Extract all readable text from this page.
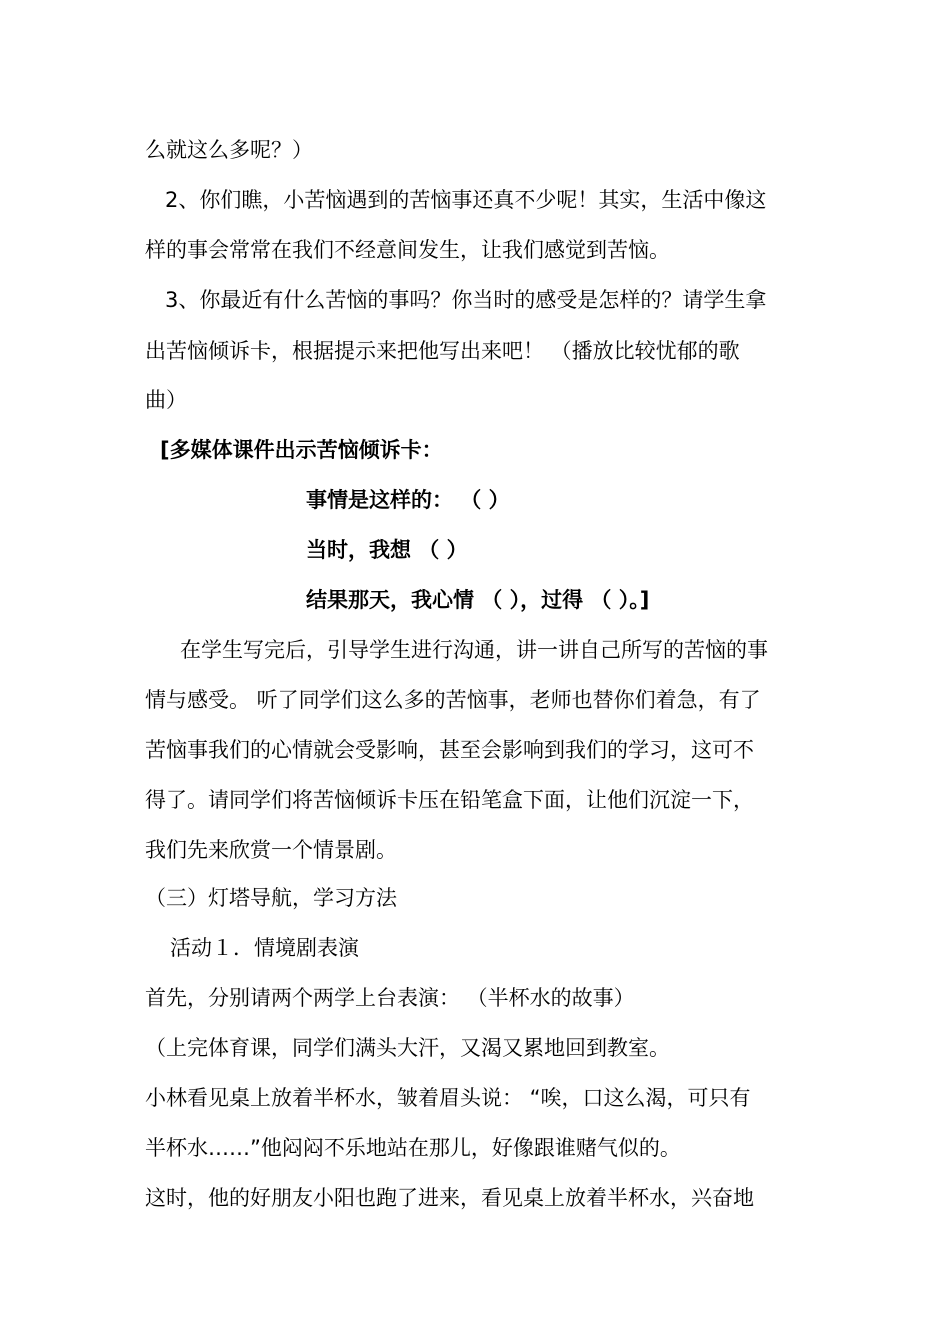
么就这么多呢？）
2、你们瞧，小苦恼遇到的苦恼事还真不少呢！其实，生活中像这
样的事会常常在我们不经意间发生，让我们感觉到苦恼。
3、你最近有什么苦恼的事吗？你当时的感受是怎样的？请学生拿
出苦恼倾诉卡，根据提示来把他写出来吧！ （播放比较忧郁的歌
曲）
[多媒体课件出示苦恼倾诉卡：
事情是这样的： （ ）
当时，我想 （ ）
结果那天，我心情 （ ），过得 （ ）。]
在学生写完后，引导学生进行沟通，讲一讲自己所写的苦恼的事
情与感受。 听了同学们这么多的苦恼事，老师也替你们着急，有了
苦恼事我们的心情就会受影响，甚至会影响到我们的学习，这可不
得了。请同学们将苦恼倾诉卡压在铅笔盒下面，让他们沉淀一下，
我们先来欣赏一个情景剧。
（三）灯塔导航，学习方法
活动１．情境剧表演
首先，分别请两个两学上台表演： （半杯水的故事）
（上完体育课，同学们满头大汗，又渴又累地回到教室。
小林看见桌上放着半杯水，皱着眉头说： “唉，口这么渴，可只有
半杯水……”他闷闷不乐地站在那儿，好像跟谁赌气似的。
这时，他的好朋友小阳也跑了进来，看见桌上放着半杯水，兴奋地
